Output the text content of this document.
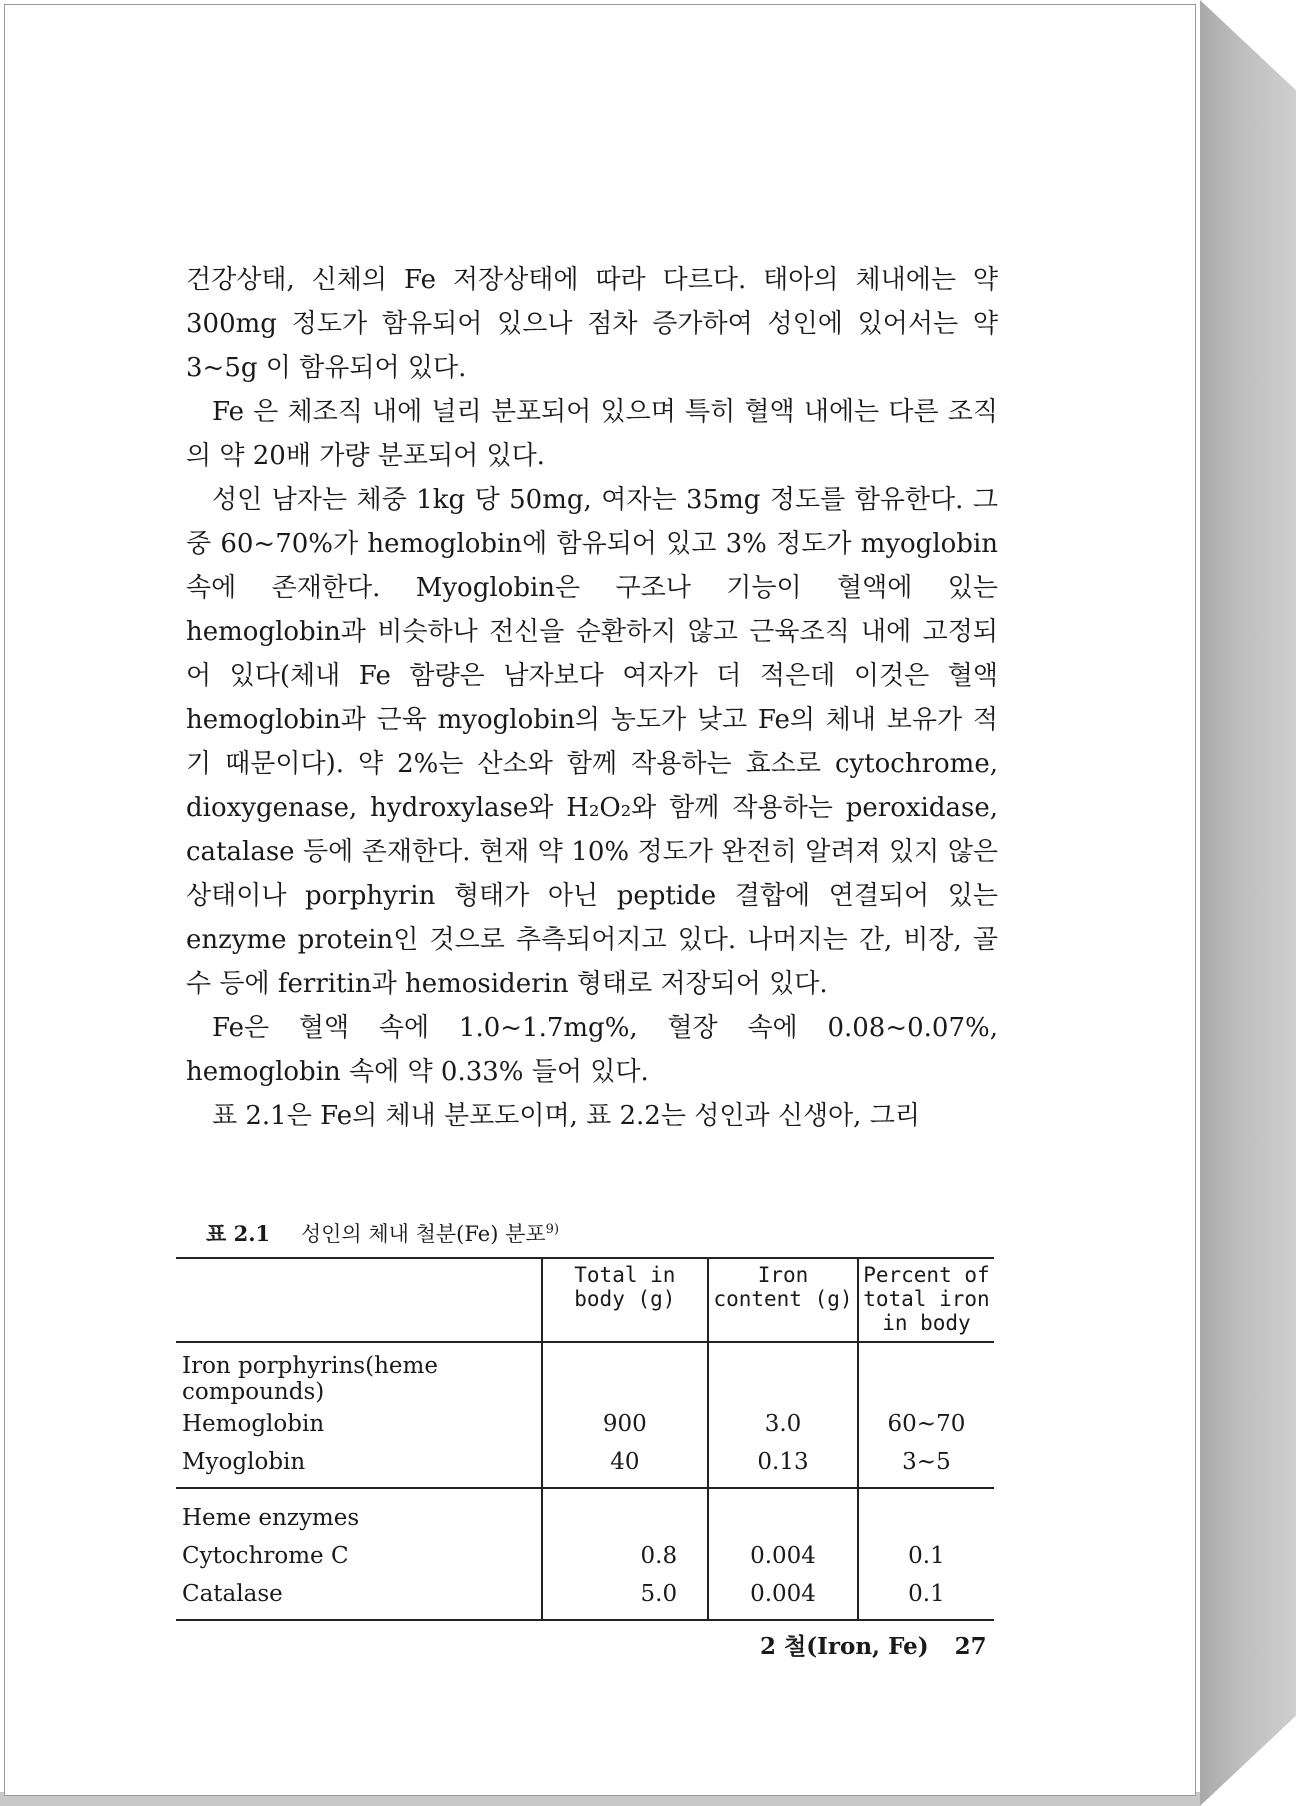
건강상태, 신체의 Fe 저장상태에 따라 다르다. 태아의 체내에는 약 300mg 정도가 함유되어 있으나 점차 증가하여 성인에 있어서는 약 3~5g 이 함유되어 있다.

Fe 은 체조직 내에 널리 분포되어 있으며 특히 혈액 내에는 다른 조직의 약 20배 가량 분포되어 있다.

성인 남자는 체중 1kg 당 50mg, 여자는 35mg 정도를 함유한다. 그 중 60~70%가 hemoglobin에 함유되어 있고 3% 정도가 myoglobin 속에 존재한다. Myoglobin은 구조나 기능이 혈액에 있는 hemoglobin과 비슷하나 전신을 순환하지 않고 근육조직 내에 고정되어 있다(체내 Fe 함량은 남자보다 여자가 더 적은데 이것은 혈액 hemoglobin과 근육 myoglobin의 농도가 낮고 Fe의 체내 보유가 적기 때문이다). 약 2%는 산소와 함께 작용하는 효소로 cytochrome, dioxygenase, hydroxylase와 H₂O₂와 함께 작용하는 peroxidase, catalase 등에 존재한다. 현재 약 10% 정도가 완전히 알려져 있지 않은 상태이나 porphyrin 형태가 아닌 peptide 결합에 연결되어 있는 enzyme protein인 것으로 추측되어지고 있다. 나머지는 간, 비장, 골수 등에 ferritin과 hemosiderin 형태로 저장되어 있다.

Fe은 혈액 속에 1.0~1.7mg%, 혈장 속에 0.08~0.07%, hemoglobin 속에 약 0.33% 들어 있다.

표 2.1은 Fe의 체내 분포도이며, 표 2.2는 성인과 신생아, 그리

표 2.1 성인의 체내 철분(Fe) 분포$^{9)}$
	Total in body (g)	Iron content (g)	Percent of total iron in body
Iron porphyrins(heme compounds)			
Hemoglobin	900	3.0	60~70
Myoglobin	40	0.13	3~5
Heme enzymes			
Cytochrome C	0.8	0.004	0.1
Catalase	5.0	0.004	0.1
2 철(Iron, Fe) 27
